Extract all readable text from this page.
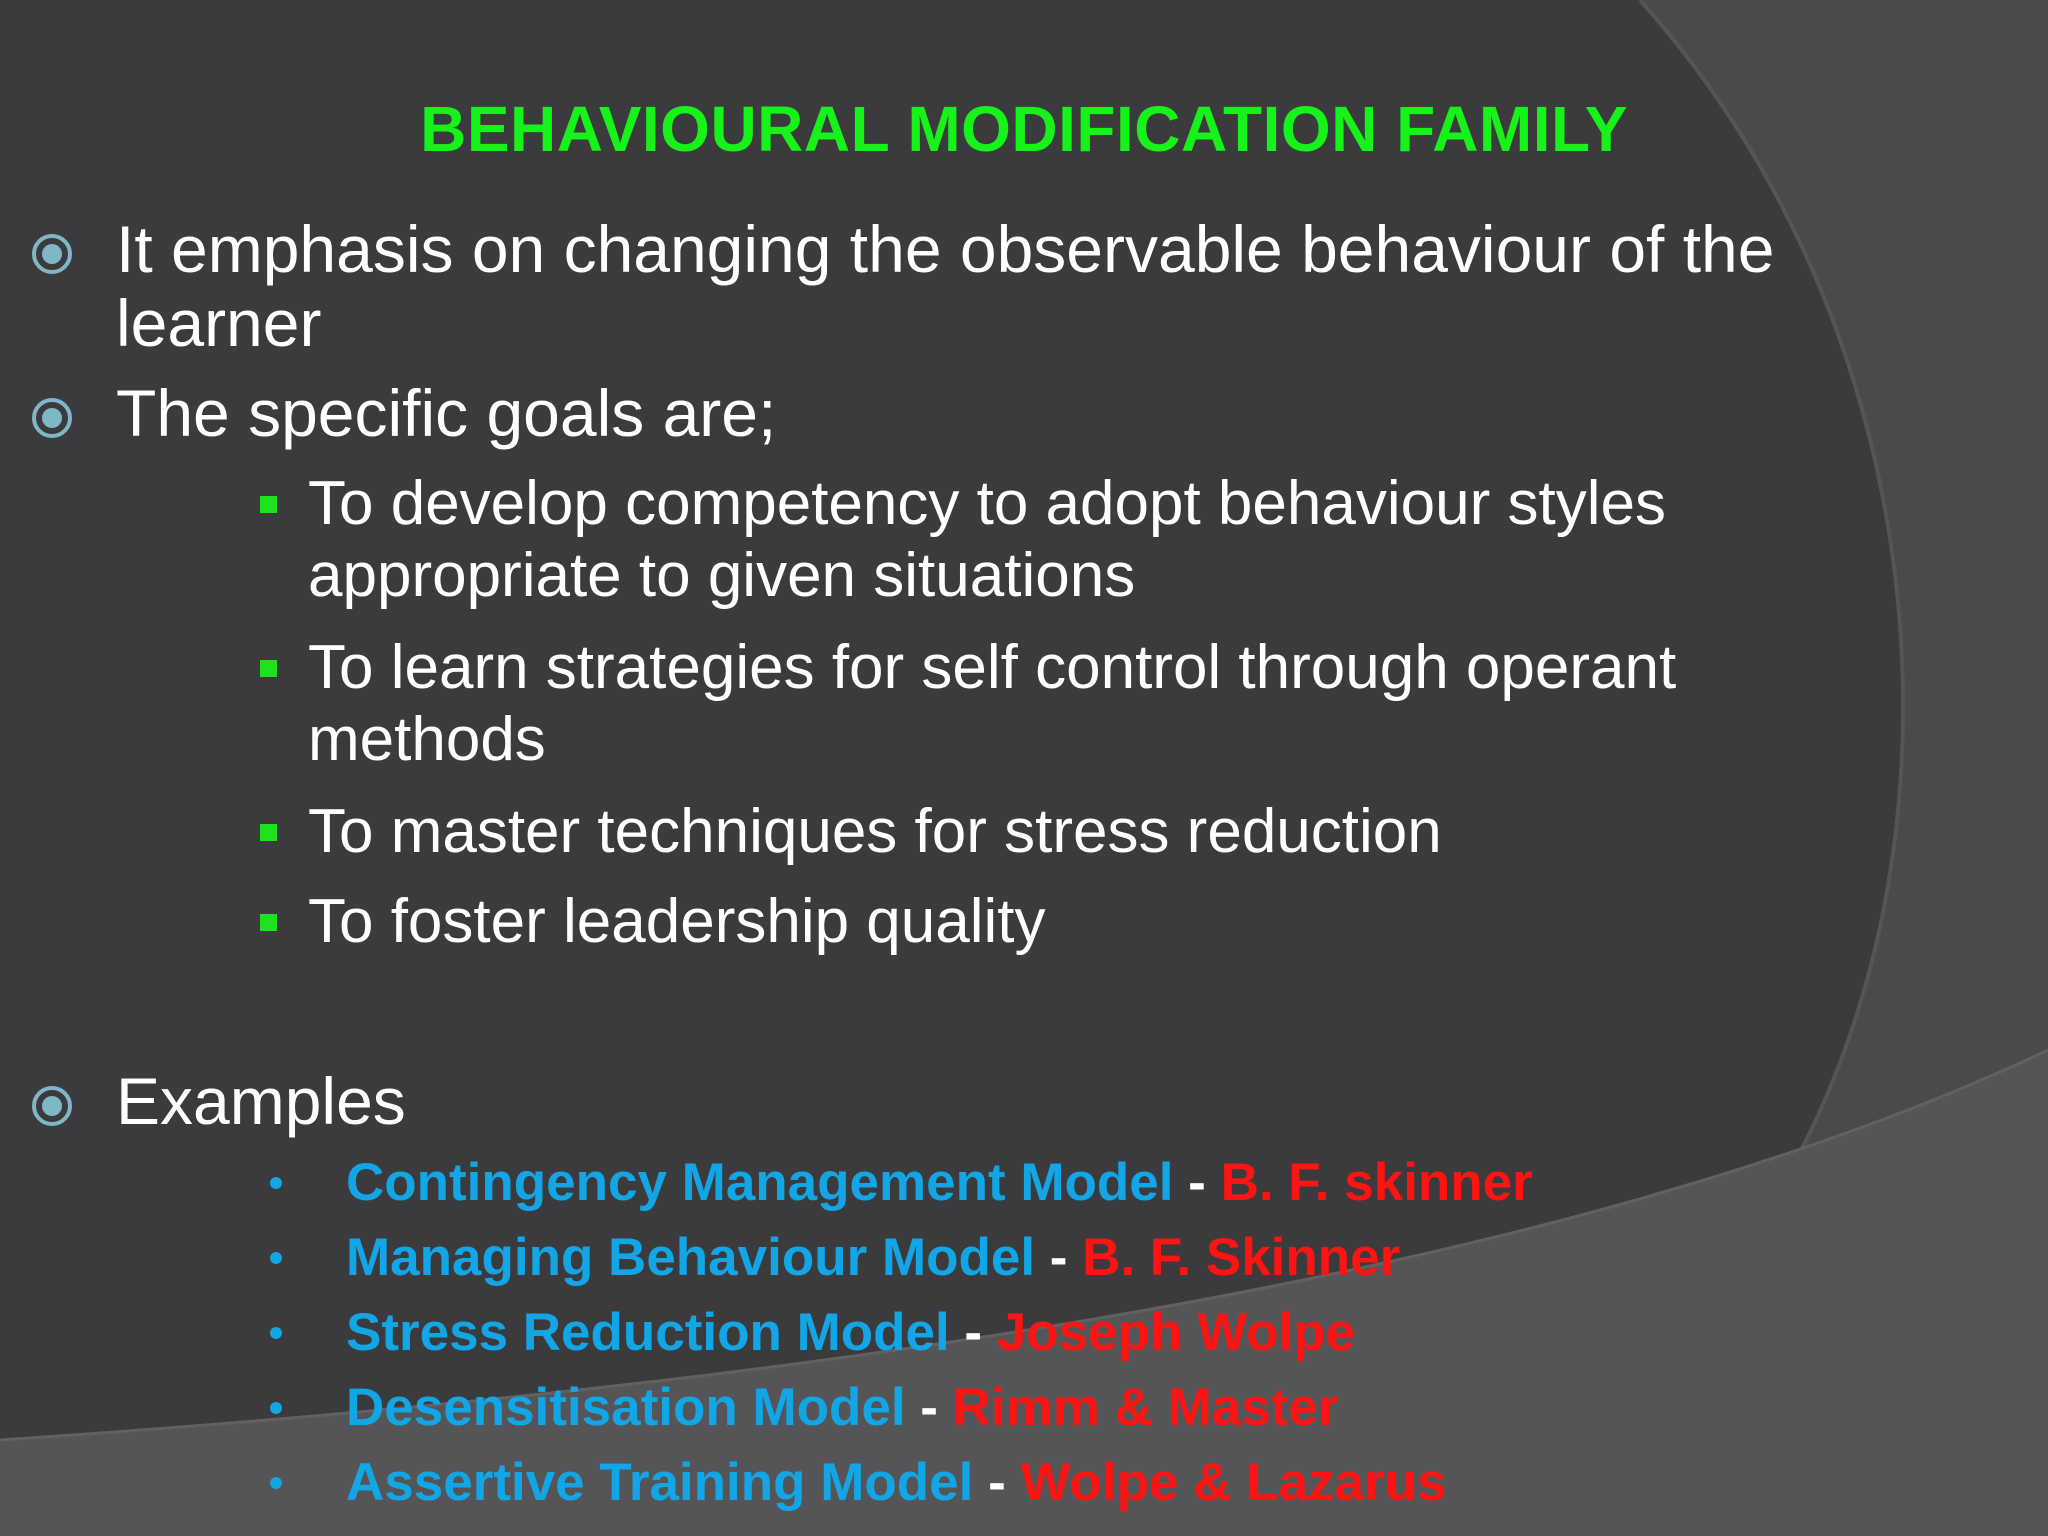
BEHAVIOURAL MODIFICATION FAMILY
It emphasis on changing the observable behaviour of the
learner
The specific goals are;
To develop competency to adopt behaviour styles
appropriate to given situations
To learn strategies for self control through operant
methods
To master techniques for stress reduction
To foster leadership quality
Examples
Contingency Management Model - B. F. skinner
Managing Behaviour Model - B. F. Skinner
Stress Reduction Model - Joseph Wolpe
Desensitisation Model - Rimm & Master
Assertive Training Model - Wolpe & Lazarus
